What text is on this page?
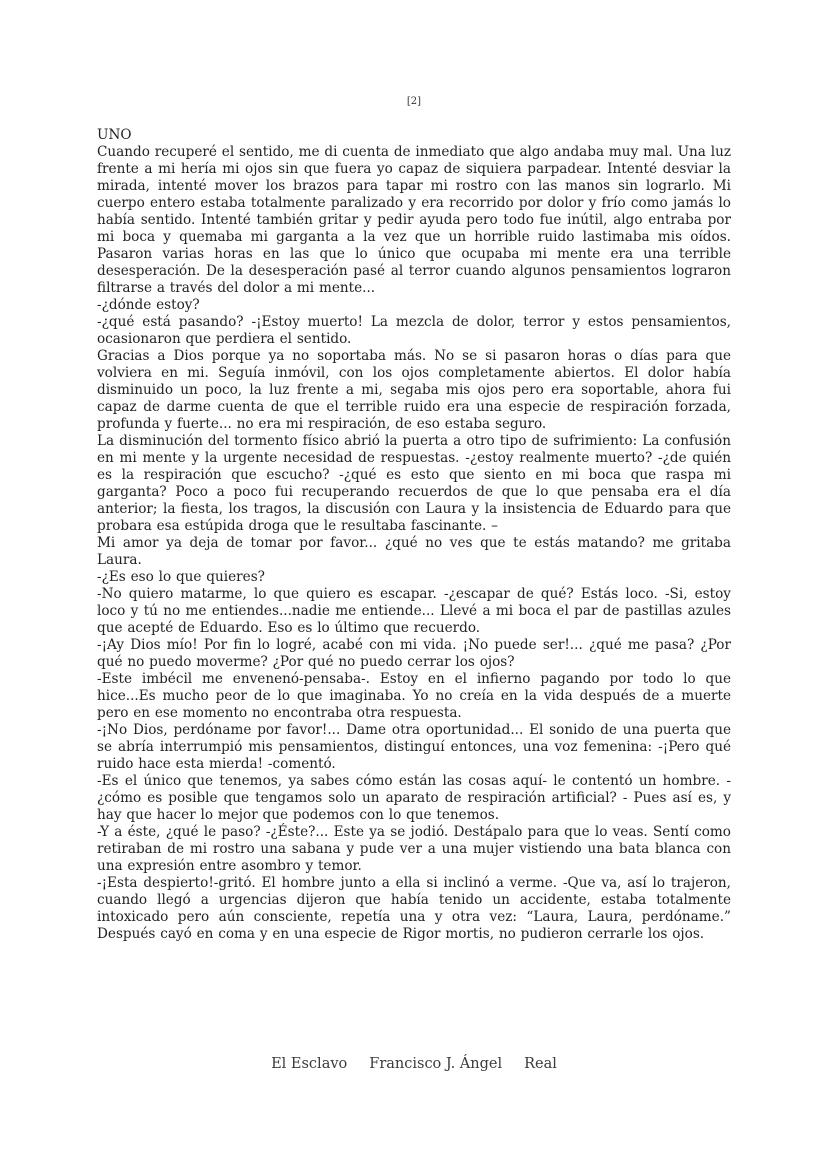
[2]
UNO

Cuando recuperé el sentido, me di cuenta de inmediato que algo andaba muy mal. Una luz frente a mi hería mi ojos sin que fuera yo capaz de siquiera parpadear. Intenté desviar la mirada, intenté mover los brazos para tapar mi rostro con las manos sin lograrlo. Mi cuerpo entero estaba totalmente paralizado y era recorrido por dolor y frío como jamás lo había sentido. Intenté también gritar y pedir ayuda pero todo fue inútil, algo entraba por mi boca y quemaba mi garganta a la vez que un horrible ruido lastimaba mis oídos. Pasaron varias horas en las que lo único que ocupaba mi mente era una terrible desesperación. De la desesperación pasé al terror cuando algunos pensamientos lograron filtrarse a través del dolor a mi mente...

-¿dónde estoy?

-¿qué está pasando? -¡Estoy muerto! La mezcla de dolor, terror y estos pensamientos, ocasionaron que perdiera el sentido.

Gracias a Dios porque ya no soportaba más. No se si pasaron horas o días para que volviera en mi. Seguía inmóvil, con los ojos completamente abiertos. El dolor había disminuido un poco, la luz frente a mi, segaba mis ojos pero era soportable, ahora fui capaz de darme cuenta de que el terrible ruido era una especie de respiración forzada, profunda y fuerte... no era mi respiración, de eso estaba seguro.

La disminución del tormento físico abrió la puerta a otro tipo de sufrimiento: La confusión en mi mente y la urgente necesidad de respuestas. -¿estoy realmente muerto? -¿de quién es la respiración que escucho? -¿qué es esto que siento en mi boca que raspa mi garganta? Poco a poco fui recuperando recuerdos de que lo que pensaba era el día anterior; la fiesta, los tragos, la discusión con Laura y la insistencia de Eduardo para que probara esa estúpida droga que le resultaba fascinante. –

Mi amor ya deja de tomar por favor... ¿qué no ves que te estás matando? me gritaba Laura.

-¿Es eso lo que quieres?

-No quiero matarme, lo que quiero es escapar. -¿escapar de qué? Estás loco. -Si, estoy loco y tú no me entiendes...nadie me entiende... Llevé a mi boca el par de pastillas azules que acepté de Eduardo. Eso es lo último que recuerdo.

-¡Ay Dios mío! Por fin lo logré, acabé con mi vida. ¡No puede ser!... ¿qué me pasa? ¿Por qué no puedo moverme? ¿Por qué no puedo cerrar los ojos?

-Este imbécil me envenenó-pensaba-. Estoy en el infierno pagando por todo lo que hice...Es mucho peor de lo que imaginaba. Yo no creía en la vida después de a muerte pero en ese momento no encontraba otra respuesta.

-¡No Dios, perdóname por favor!... Dame otra oportunidad... El sonido de una puerta que se abría interrumpió mis pensamientos, distinguí entonces, una voz femenina: -¡Pero qué ruido hace esta mierda! -comentó.

-Es el único que tenemos, ya sabes cómo están las cosas aquí- le contentó un hombre. -¿cómo es posible que tengamos solo un aparato de respiración artificial? - Pues así es, y hay que hacer lo mejor que podemos con lo que tenemos.

-Y a éste, ¿qué le paso? -¿Éste?... Este ya se jodió. Destápalo para que lo veas. Sentí como retiraban de mi rostro una sabana y pude ver a una mujer vistiendo una bata blanca con una expresión entre asombro y temor.

-¡Esta despierto!-gritó. El hombre junto a ella si inclinó a verme. -Que va, así lo trajeron, cuando llegó a urgencias dijeron que había tenido un accidente, estaba totalmente intoxicado pero aún consciente, repetía una y otra vez: “Laura, Laura, perdóname.” Después cayó en coma y en una especie de Rigor mortis, no pudieron cerrarle los ojos.

El Esclavo Francisco J. Ángel Real
